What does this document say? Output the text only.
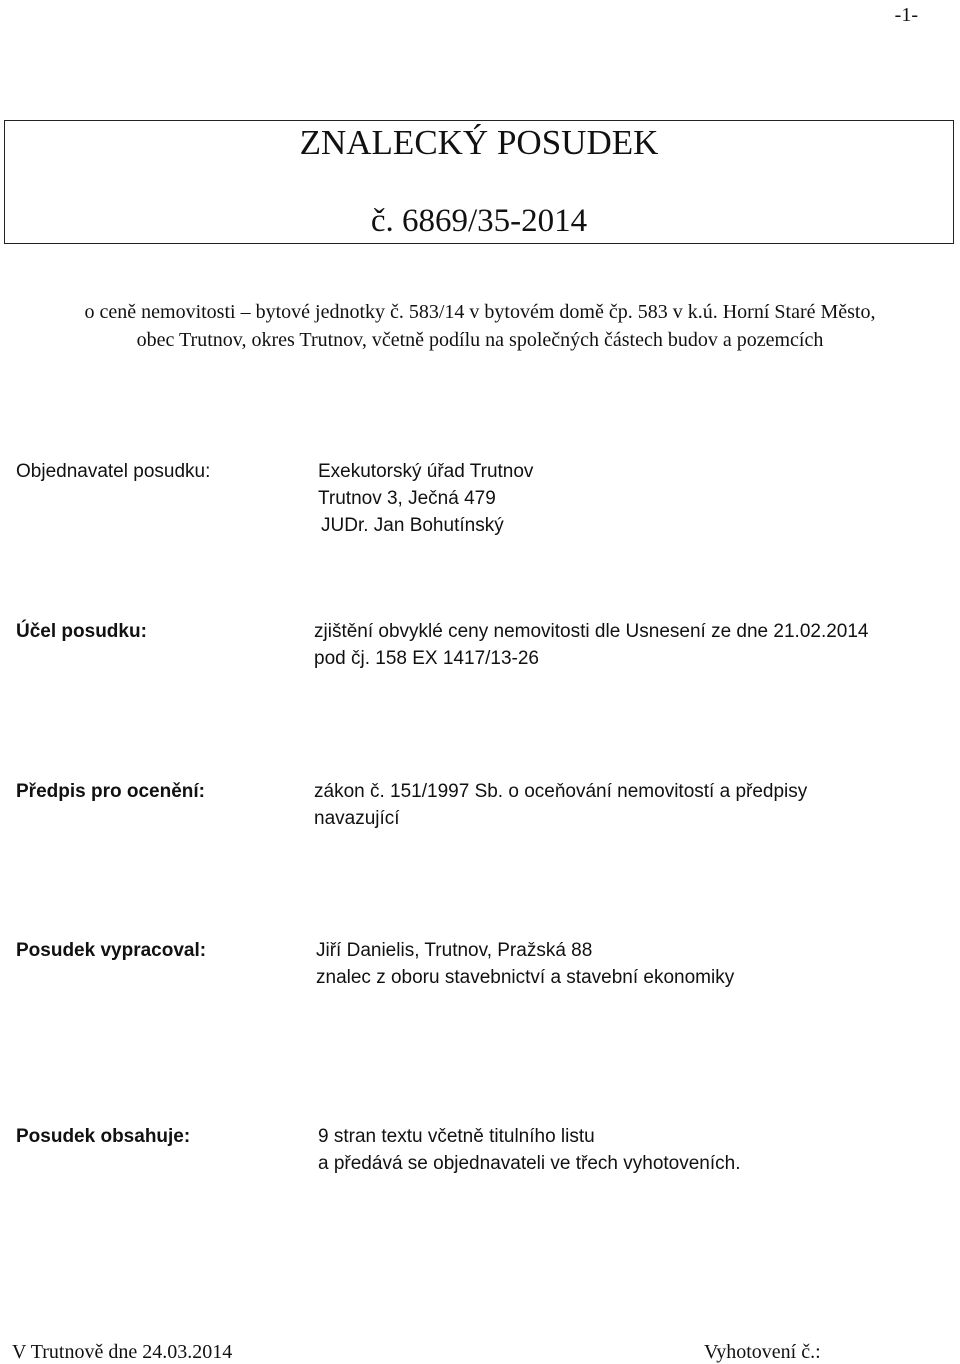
-1-
ZNALECKÝ POSUDEK
č. 6869/35-2014
o ceně nemovitosti – bytové jednotky č. 583/14 v bytovém domě čp. 583 v k.ú. Horní Staré Město,
obec Trutnov, okres Trutnov, včetně podílu na společných částech budov a pozemcích
Objednavatel posudku:	Exekutorský úřad Trutnov
Trutnov 3, Ječná 479
JUDr. Jan Bohutínský
Účel posudku:	zjištění obvyklé ceny nemovitosti dle Usnesení ze dne 21.02.2014
pod čj. 158 EX 1417/13-26
Předpis pro ocenění:	zákon č. 151/1997 Sb. o oceňování nemovitostí a předpisy
navazující
Posudek vypracoval:	Jiří Danielis, Trutnov, Pražská 88
znalec z oboru stavebnictví a stavební ekonomiky
Posudek obsahuje:	9 stran textu včetně titulního listu
a předává se objednavateli ve třech vyhotoveních.
V Trutnově dne 24.03.2014	Vyhotovení č.:
